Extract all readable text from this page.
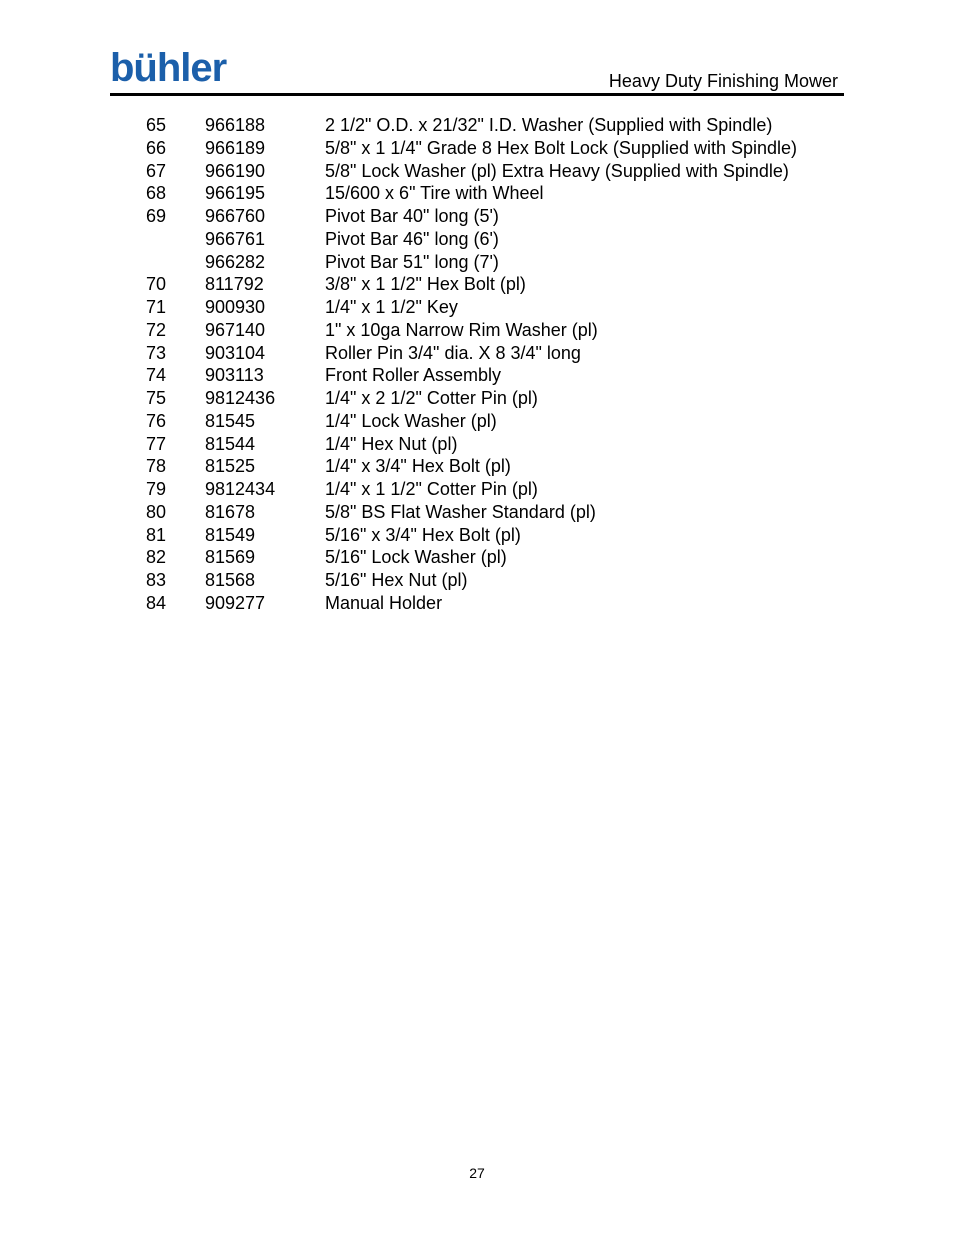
bühler	Heavy Duty Finishing Mower
65 966188	2 1/2" O.D. x 21/32" I.D. Washer (Supplied with Spindle)
66 966189	5/8" x 1 1/4" Grade 8 Hex Bolt Lock (Supplied with Spindle)
67 966190	5/8" Lock Washer (pl) Extra Heavy (Supplied with Spindle)
68 966195	15/600 x 6" Tire with Wheel
69 966760	Pivot Bar 40" long (5')
966761	Pivot Bar 46" long (6')
966282	Pivot Bar 51" long (7')
70 811792	3/8" x 1 1/2" Hex Bolt (pl)
71 900930	1/4" x 1 1/2" Key
72 967140	1" x 10ga Narrow Rim Washer (pl)
73 903104	Roller Pin 3/4" dia. X 8 3/4" long
74 903113	Front Roller Assembly
75 9812436	1/4" x 2 1/2" Cotter Pin (pl)
76 81545	1/4" Lock Washer (pl)
77 81544	1/4" Hex Nut (pl)
78 81525	1/4" x 3/4" Hex Bolt (pl)
79 9812434	1/4" x 1 1/2" Cotter Pin (pl)
80 81678	5/8" BS Flat Washer Standard (pl)
81 81549	5/16" x 3/4" Hex Bolt (pl)
82 81569	5/16" Lock Washer (pl)
83 81568	5/16" Hex Nut (pl)
84 909277	Manual Holder
27
